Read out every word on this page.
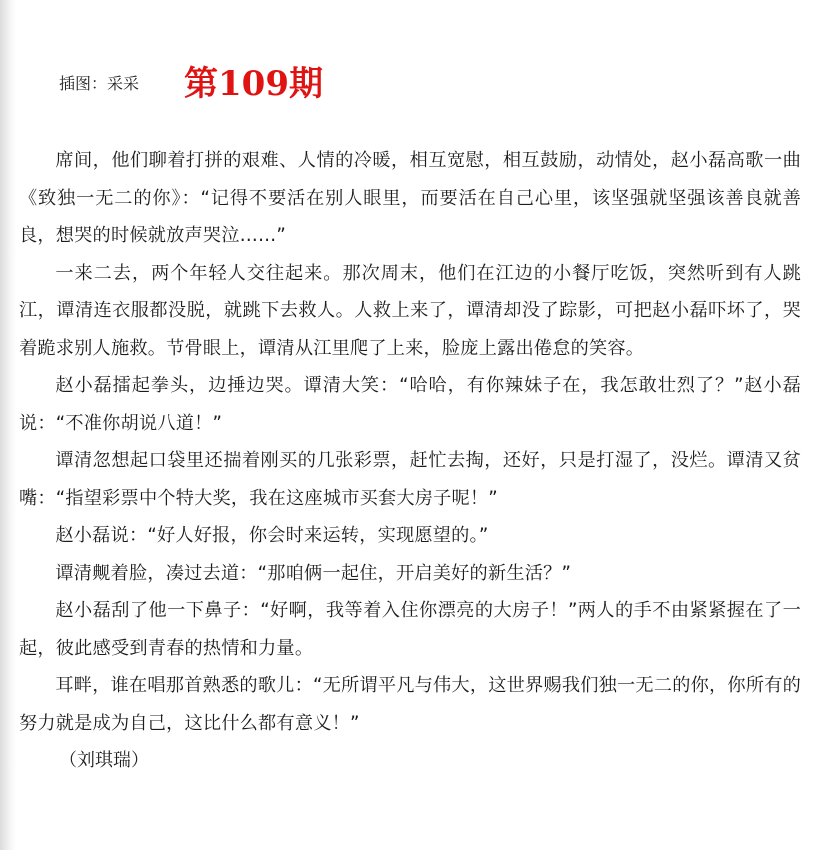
插图：采采 第109期

席间，他们聊着打拼的艰难、人情的冷暖，相互宽慰，相互鼓励，动情处，赵小磊高歌一曲《致独一无二的你》：“记得不要活在别人眼里，而要活在自己心里，该坚强就坚强该善良就善良，想哭的时候就放声哭泣……”

一来二去，两个年轻人交往起来。那次周末，他们在江边的小餐厅吃饭，突然听到有人跳江，谭清连衣服都没脱，就跳下去救人。人救上来了，谭清却没了踪影，可把赵小磊吓坏了，哭着跪求别人施救。节骨眼上，谭清从江里爬了上来，脸庞上露出倦怠的笑容。

赵小磊擂起拳头，边捶边哭。谭清大笑：“哈哈，有你辣妹子在，我怎敢壮烈了？”赵小磊说：“不准你胡说八道！”

谭清忽想起口袋里还揣着刚买的几张彩票，赶忙去掏，还好，只是打湿了，没烂。谭清又贫嘴：“指望彩票中个特大奖，我在这座城市买套大房子呢！”

赵小磊说：“好人好报，你会时来运转，实现愿望的。”

谭清觍着脸，凑过去道：“那咱俩一起住，开启美好的新生活？”

赵小磊刮了他一下鼻子：“好啊，我等着入住你漂亮的大房子！”两人的手不由紧紧握在了一起，彼此感受到青春的热情和力量。

耳畔，谁在唱那首熟悉的歌儿：“无所谓平凡与伟大，这世界赐我们独一无二的你，你所有的努力就是成为自己，这比什么都有意义！”

（刘琪瑞）
